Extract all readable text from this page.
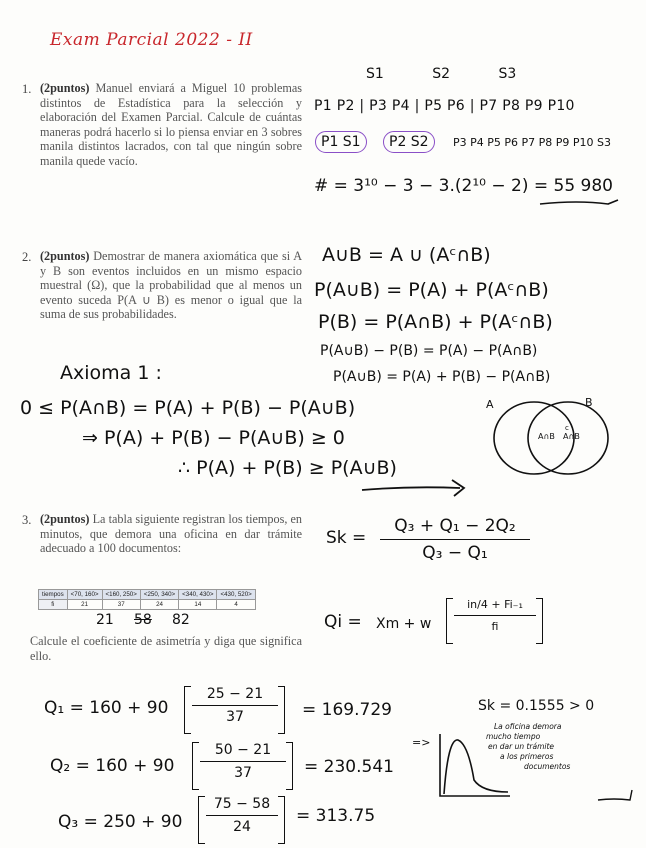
Exam Parcial 2022 - II
1. (2puntos) Manuel enviará a Miguel 10 problemas distintos de Estadística para la selección y elaboración del Examen Parcial. Calcule de cuántas maneras podrá hacerlo si lo piensa enviar en 3 sobres manila distintos lacrados, con tal que ningún sobre manila quede vacío.
S1	S2	S3
P1 P2 | P3 P4 | P5 P6 | P7 P8 P9 P10
P1 S1	P2 S2	P3 P4 P5 P6 P7 P8 P9 P10 S3
# = 3¹⁰ − 3 − 3.(2¹⁰ − 2) = 55 980
2. (2puntos) Demostrar de manera axiomática que si A y B son eventos incluidos en un mismo espacio muestral (Ω), que la probabilidad que al menos un evento suceda P(A ∪ B) es menor o igual que la suma de sus probabilidades.
A∪B = A ∪ (Aᶜ∩B)
P(A∪B) = P(A) + P(Aᶜ∩B)
P(B) = P(A∩B) + P(Aᶜ∩B)
P(A∪B) − P(B) = P(A) − P(A∩B)
P(A∪B) = P(A) + P(B) − P(A∩B)
Axioma 1 :
0 ≤ P(A∩B) = P(A) + P(B) − P(A∪B)
⇒ P(A) + P(B) − P(A∪B) ≥ 0
∴ P(A) + P(B) ≥ P(A∪B)
A	B
A∩B
c
A∩B
3. (2puntos) La tabla siguiente registran los tiempos, en minutos, que demora una oficina en dar trámite adecuado a 100 documentos:
tiempos	<70, 160>	<160, 250>	<250, 340>	<340, 430>	<430, 520>
fi	21	37	24	14	4
21 58 82
Calcule el coeficiente de asimetría y diga que significa ello.
Sk =
Q₃ + Q₁ − 2Q₂
Q₃ − Q₁
Qi = Xm + w
in/4 + Fi₋₁
fi
Q₁ = 160 + 90
25 − 21
37	= 169.729
Q₂ = 160 + 90
50 − 21
37	= 230.541
Q₃ = 250 + 90
75 − 58
24
= 313.75
Sk = 0.1555 > 0
=>
La oficina demora
mucho tiempo
en dar un trámite
a los primeros
documentos
